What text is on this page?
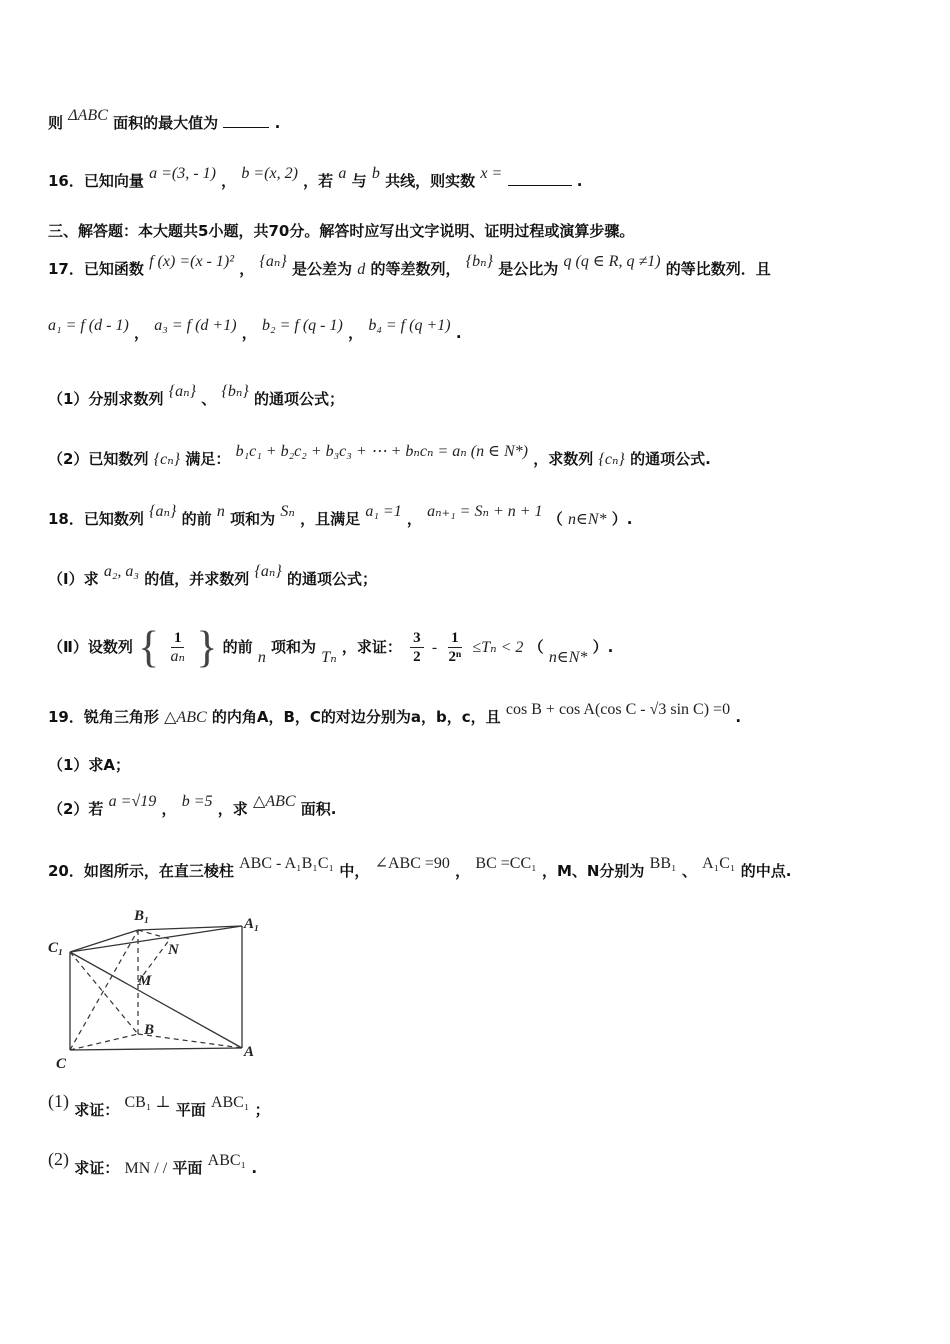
则 ΔABC 面积的最大值为	.
16．已知向量 a =(3, - 1) ， b =(x, 2) ，若 a 与 b 共线，则实数 x =	.
三、解答题：本大题共5小题，共70分。解答时应写出文字说明、证明过程或演算步骤。
17．已知函数 f (x) =(x - 1)² ， {aₙ} 是公差为 d 的等差数列， {bₙ} 是公比为 q (q ∈ R, q ≠1) 的等比数列．且
a₁ = f (d - 1) ， a₃ = f (d +1) ， b₂ = f (q - 1) ， b₄ = f (q +1) .
（1）分别求数列 {aₙ} 、 {bₙ} 的通项公式；
（2）已知数列 {cₙ} 满足： b₁c₁ + b₂c₂ + b₃c₃ + ⋯ + bₙcₙ = aₙ (n ∈ N*) ，求数列 {cₙ} 的通项公式.
18．已知数列 {aₙ} 的前 n 项和为 Sₙ ，且满足 a₁ =1 ， aₙ₊₁ = Sₙ + n + 1 （ n∈N* ）.
（Ⅰ）求 a₂, a₃ 的值，并求数列 {aₙ} 的通项公式；
（Ⅱ）设数列 { $\frac{1}{\text{aₙ}}$ } 的前 n 项和为 Tₙ ，求证： $\frac{3}{2} - \frac{1}{\text{2ⁿ}} \le T_n < 2$ （ n∈N* ）.
19．锐角三角形 △ABC 的内角A，B，C的对边分别为a，b，c，且 cos B + cos A(cos C - √3 sin C) =0 .
（1）求A；
（2）若 a =√19 ， b =5 ，求 △ABC 面积.
20．如图所示，在直三棱柱 ABC - A₁B₁C₁ 中， ∠ABC =90 ， BC =CC₁ ，M、N分别为 BB₁ 、 A₁C₁ 的中点.
B₁	A₁
C₁	N
M
B
C
A
(1) 求证： CB₁ ⊥ 平面 ABC₁ ；
(2) 求证： MN / / 平面 ABC₁ .
